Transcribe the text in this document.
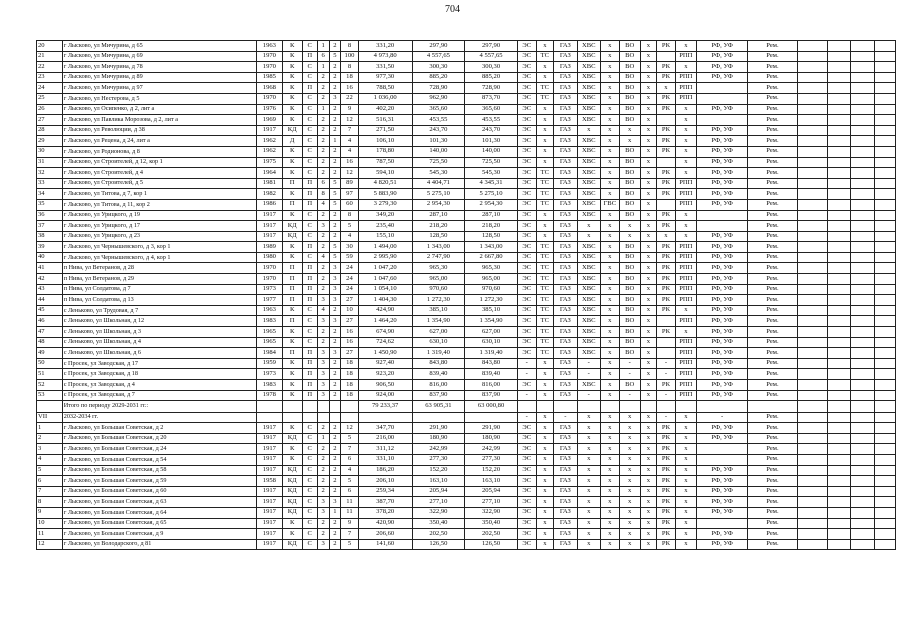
704
20	г Лысково, ул Мичурина, д 65	1963	К	С	1	2	8	331,20	297,90	297,90	ЭС	х	ГАЗ	ХВС	х	ВО	х	РК	х	РФ, УФ	Рем.				
21	г Лысково, ул Мичурина, д 69	1970	К	П	6	5	100	4 973,80	4 557,65	4 557,65	ЭС	ТС	ГАЗ	ХВС	х	ВО	х		РПП	РФ, УФ	Рем.				
22	г Лысково, ул Мичурина, д 78	1970	К	С	1	2	8	331,50	300,30	300,30	ЭС	х	ГАЗ	ХВС	х	ВО	х	РК	х	РФ, УФ	Рем.				
23	г Лысково, ул Мичурина, д 89	1985	К	С	2	2	18	977,30	885,20	885,20	ЭС	х	ГАЗ	ХВС	х	ВО	х	РК	РПП	РФ, УФ	Рем.				
24	г Лысково, ул Мичурина, д 97	1968	К	П	2	2	16	788,50	728,90	728,90	ЭС	ТС	ГАЗ	ХВС	х	ВО	х	х	РПП		Рем.				
25	г Лысково, ул Нестерова, д 5	1970	К	С	2	3	22	1 036,00	962,90	873,70	ЭС	ТС	ГАЗ	ХВС	х	ВО	х	РК	РПП		Рем.				
26	г Лысково, ул Осипенко, д 2, лит а	1976	К	С	1	2	9	402,20	365,60	365,60	ЭС	х	ГАЗ	ХВС	х	ВО	х	РК	х	РФ, УФ	Рем.				
27	г Лысково, ул Павлика Морозова, д 2, лит а	1969	К	С	2	2	12	516,31	453,55	453,55	ЭС	х	ГАЗ	ХВС	х	ВО	х		х		Рем.				
28	г Лысково, ул Революции, д 38	1917	КД	С	2	2	7	271,50	243,70	243,70	ЭС	х	ГАЗ	х	х	х	х	РК	х	РФ, УФ	Рем.				
29	г Лысково, ул Рецена, д 24, лит а	1962	Д	С	2	1	4	106,10	101,30	101,30	ЭС	х	ГАЗ	ХВС	х	х	х	РК	х	РФ, УФ	Рем.				
30	г Лысково, ул Родионова, д 8	1962	К	С	2	2	4	178,80	140,00	140,00	ЭС	х	ГАЗ	ХВС	х	ВО	х	РК	х	РФ, УФ	Рем.				
31	г Лысково, ул Строителей, д 12, кор 1	1975	К	С	2	2	16	787,50	725,50	725,50	ЭС	х	ГАЗ	ХВС	х	ВО	х		х	РФ, УФ	Рем.				
32	г Лысково, ул Строителей, д 4	1964	К	С	2	2	12	594,10	545,30	545,30	ЭС	ТС	ГАЗ	ХВС	х	ВО	х	РК	х	РФ, УФ	Рем.				
33	г Лысково, ул Строителей, д 5	1981	П	П	6	5	89	4 820,51	4 404,71	4 345,31	ЭС	ТС	ГАЗ	ХВС	х	ВО	х	РК	РПП	РФ, УФ	Рем.				
34	г Лысково, ул Титова, д 7, кор 1	1982	К	П	8	5	97	5 883,90	5 275,10	5 275,10	ЭС	ТС	ГАЗ	ХВС	х	ВО	х	РК	РПП	РФ, УФ	Рем.				
35	г Лысково, ул Титова, д 11, кор 2	1986	П	П	4	5	60	3 279,30	2 954,30	2 954,30	ЭС	ТС	ГАЗ	ХВС	ГВС	ВО	х		РПП	РФ, УФ	Рем.				
36	г Лысково, ул Урицкого, д 19	1917	К	С	2	2	8	349,20	287,10	287,10	ЭС	х	ГАЗ	ХВС	х	ВО	х	РК	х		Рем.				
37	г Лысково, ул Урицкого, д 17	1917	КД	С	3	2	5	235,40	218,20	218,20	ЭС	х	ГАЗ	х	х	х	х	РК	х		Рем.				
38	г Лысково, ул Урицкого, д 23	1917	КД	С	2	2	4	155,10	128,50	128,50	ЭС	х	ГАЗ	х	х	х	х	х	х	РФ, УФ	Рем.				
39	г Лысково, ул Чернышевского, д 3, кор 1	1989	К	П	2	5	30	1 494,00	1 343,00	1 343,00	ЭС	ТС	ГАЗ	ХВС	х	ВО	х	РК	РПП	РФ, УФ	Рем.				
40	г Лысково, ул Чернышевского, д 4, кор 1	1980	К	С	4	5	59	2 995,90	2 747,90	2 667,80	ЭС	ТС	ГАЗ	ХВС	х	ВО	х	РК	РПП	РФ, УФ	Рем.				
41	п Нива, ул Ветеранов, д 28	1970	П	П	2	3	24	1 047,20	965,30	965,30	ЭС	ТС	ГАЗ	ХВС	х	ВО	х	РК	РПП	РФ, УФ	Рем.				
42	п Нива, ул Ветеранов, д 29	1970	П	П	2	3	24	1 047,60	965,00	965,00	ЭС	ТС	ГАЗ	ХВС	х	ВО	х	РК	РПП	РФ, УФ	Рем.				
43	п Нива, ул Солдатова, д 7	1973	П	П	2	3	24	1 054,10	970,60	970,60	ЭС	ТС	ГАЗ	ХВС	х	ВО	х	РК	РПП	РФ, УФ	Рем.				
44	п Нива, ул Солдатова, д 13	1977	П	П	3	3	27	1 404,30	1 272,30	1 272,30	ЭС	ТС	ГАЗ	ХВС	х	ВО	х	РК	РПП	РФ, УФ	Рем.				
45	с Леньково, ул Трудовая, д 7	1963	К	С	4	2	10	424,90	385,10	385,10	ЭС	ТС	ГАЗ	ХВС	х	ВО	х	РК	х	РФ, УФ	Рем.				
46	с Леньково, ул Школьная, д 12	1983	П	С	3	3	27	1 464,20	1 354,90	1 354,90	ЭС	ТС	ГАЗ	ХВС	х	ВО	х		РПП	РФ, УФ	Рем.				
47	с Леньково, ул Школьная, д 3	1965	К	С	2	2	16	674,90	627,00	627,00	ЭС	ТС	ГАЗ	ХВС	х	ВО	х	РК	х	РФ, УФ	Рем.				
48	с Леньково, ул Школьная, д 4	1965	К	С	2	2	16	724,62	630,10	630,10	ЭС	ТС	ГАЗ	ХВС	х	ВО	х		РПП	РФ, УФ	Рем.				
49	с Леньково, ул Школьная, д 6	1984	П	П	3	3	27	1 450,90	1 319,40	1 319,40	ЭС	ТС	ГАЗ	ХВС	х	ВО	х		РПП	РФ, УФ	Рем.				
50	с Просек, ул Заводская, д 17	1959	К	П	3	2	18	927,40	843,80	843,80	-	х	ГАЗ	-	х	-	х	-	РПП	РФ, УФ	Рем.				
51	с Просек, ул Заводская, д 18	1973	К	П	3	2	18	923,20	839,40	839,40	-	х	ГАЗ	-	х	-	х	-	РПП	РФ, УФ	Рем.				
52	с Просек, ул Заводская, д 4	1983	К	П	3	2	18	906,50	816,00	816,00	ЭС	х	ГАЗ	ХВС	х	ВО	х	РК	РПП	РФ, УФ	Рем.				
53	с Просек, ул Заводская, д 7	1978	К	П	3	2	18	924,00	837,90	837,90	-	х	ГАЗ	-	х	-	х	-	РПП	РФ, УФ	Рем.				
	Итого по периоду 2029-2031 гг.:							79 233,37	63 905,31	63 000,80															
VII	2032-2034 гг.										-	х	-	х	х	х	х	-	х	-	Рем.				
1	г Лысково, ул Большая Советская, д 2	1917	К	С	2	2	12	347,70	291,90	291,90	ЭС	х	ГАЗ	х	х	х	х	РК	х	РФ, УФ	Рем.				
2	г Лысково, ул Большая Советская, д 20	1917	КД	С	1	2	5	216,00	180,90	180,90	ЭС	х	ГАЗ	х	х	х	х	РК	х	РФ, УФ	Рем.				
3	г Лысково, ул Большая Советская, д 24	1917	К	С	2	2	7	311,12	242,99	242,99	ЭС	х	ГАЗ	х	х	х	х	РК	х		Рем.				
4	г Лысково, ул Большая Советская, д 54	1917	К	С	2	2	6	331,10	277,30	277,30	ЭС	х	ГАЗ	х	х	х	х	РК	х		Рем.				
5	г Лысково, ул Большая Советская, д 58	1917	КД	С	2	2	4	186,20	152,20	152,20	ЭС	х	ГАЗ	х	х	х	х	РК	х	РФ, УФ	Рем.				
6	г Лысково, ул Большая Советская, д 59	1958	КД	С	2	2	5	206,10	163,10	163,10	ЭС	х	ГАЗ	х	х	х	х	РК	х	РФ, УФ	Рем.				
7	г Лысково, ул Большая Советская, д 60	1917	КД	С	2	2	6	259,34	205,94	205,94	ЭС	х	ГАЗ	х	х	х	х	РК	х	РФ, УФ	Рем.				
8	г Лысково, ул Большая Советская, д 63	1917	КД	С	3	3	11	387,70	277,10	277,10	ЭС	х	ГАЗ	х	х	х	х	РК	х	РФ, УФ	Рем.				
9	г Лысково, ул Большая Советская, д 64	1917	КД	С	3	1	11	378,20	322,90	322,90	ЭС	х	ГАЗ	х	х	х	х	РК	х	РФ, УФ	Рем.				
10	г Лысково, ул Большая Советская, д 65	1917	К	С	2	2	9	420,90	350,40	350,40	ЭС	х	ГАЗ	х	х	х	х	РК	х		Рем.				
11	г Лысково, ул Большая Советская, д 9	1917	К	С	2	2	7	206,60	202,50	202,50	ЭС	х	ГАЗ	х	х	х	х	РК	х	РФ, УФ	Рем.				
12	г Лысково, ул Володарского, д 81	1917	КД	С	3	2	5	141,60	126,50	126,50	ЭС	х	ГАЗ	х	х	х	х	РК	х	РФ, УФ	Рем.				
